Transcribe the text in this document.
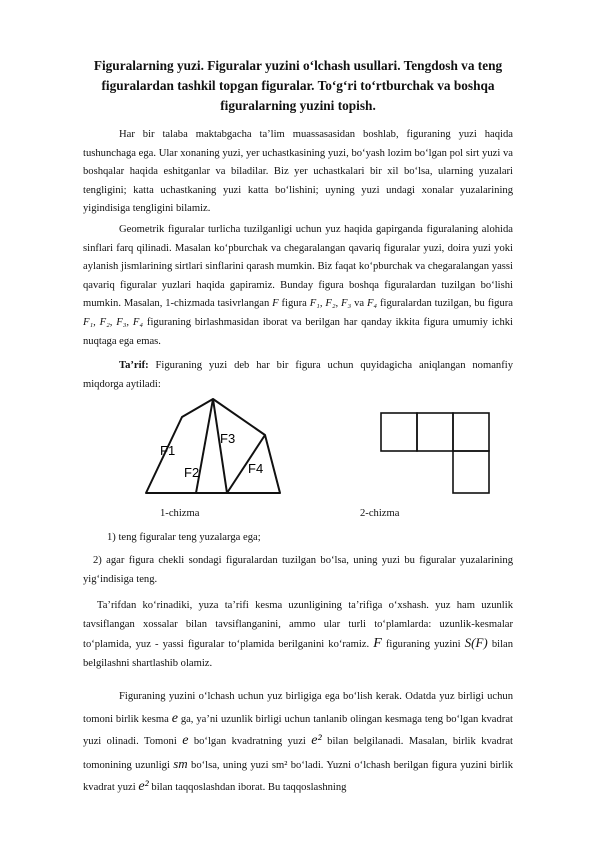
Figuralarning yuzi. Figuralar yuzini o‘lchash usullari. Tengdosh va teng figuralardan tashkil topgan figuralar. To‘g‘ri to‘rtburchak va boshqa figuralarning yuzini topish.

Har bir talaba maktabgacha ta’lim muassasasidan boshlab, figuraning yuzi haqida tushunchaga ega. Ular xonaning yuzi, yer uchastkasining yuzi, bo‘yash lozim bo‘lgan pol sirt yuzi va boshqalar haqida eshitganlar va biladilar. Biz yer uchastkalari bir xil bo‘lsa, ularning yuzalari tengligini; katta uchastkaning yuzi katta bo‘lishini; uyning yuzi undagi xonalar yuzalarining yigindisiga tengligini bilamiz.

Geometrik figuralar turlicha tuzilganligi uchun yuz haqida gapirganda figuralaning alohida sinflari farq qilinadi. Masalan ko‘pburchak va chegaralangan qavariq figuralar yuzi, doira yuzi yoki aylanish jismlarining sirtlari sinflarini qarash mumkin. Biz faqat ko‘pburchak va chegaralangan yassi qavariq figuralar yuzlari haqida gapiramiz. Bunday figura boshqa figuralardan tuzilgan bo‘lishi mumkin. Masalan, 1-chizmada tasivrlangan F figura F₁, F₂, F₃ va F₄ figuralardan tuzilgan, bu figura F₁, F₂, F₃, F₄ figuraning birlashmasidan iborat va berilgan har qanday ikkita figura umumiy ichki nuqtaga ega emas.

Ta’rif: Figuraning yuzi deb har bir figura uchun quyidagicha aniqlangan nomanfiy miqdorga aytiladi:

F1
F2
F3
F4
1-chizma	2-chizma

1) teng figuralar teng yuzalarga ega;

2) agar figura chekli sondagi figuralardan tuzilgan bo‘lsa, uning yuzi bu figuralar yuzalarining yig‘indisiga teng.

Ta’rifdan ko‘rinadiki, yuza ta’rifi kesma uzunligining ta’rifiga o‘xshash. yuz ham uzunlik tavsiflangan xossalar bilan tavsiflanganini, ammo ular turli to‘plamlarda: uzunlik-kesmalar to‘plamida, yuz - yassi figuralar to‘plamida berilganini ko‘ramiz. F figuraning yuzini S(F) bilan belgilashni shartlashib olamiz.

Figuraning yuzini o‘lchash uchun yuz birligiga ega bo‘lish kerak. Odatda yuz birligi uchun tomoni birlik kesma e ga, ya’ni uzunlik birligi uchun tanlanib olingan kesmaga teng bo‘lgan kvadrat yuzi olinadi. Tomoni e bo‘lgan kvadratning yuzi e² bilan belgilanadi. Masalan, birlik kvadrat tomonining uzunligi sm bo‘lsa, uning yuzi sm² bo‘ladi. Yuzni o‘lchash berilgan figura yuzini birlik kvadrat yuzi e² bilan taqqoslashdan iborat. Bu taqqoslashning
